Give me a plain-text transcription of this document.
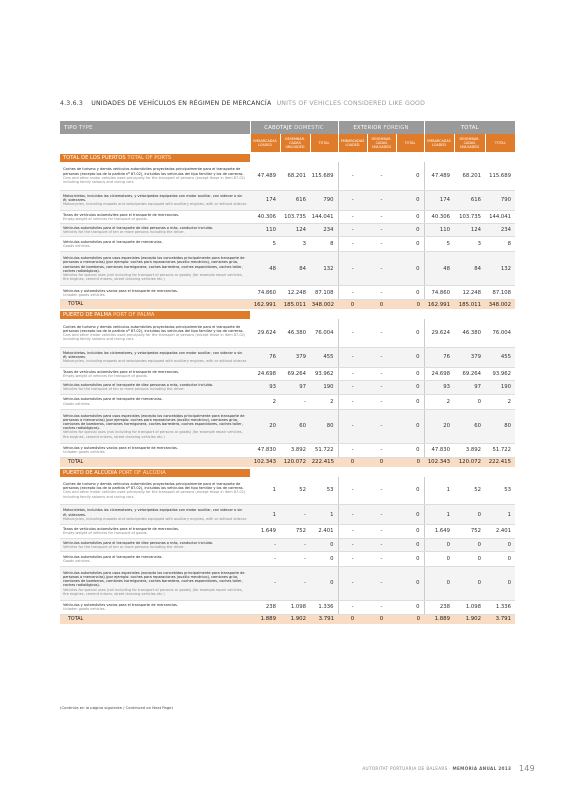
4.3.6.3 UNIDADES DE VEHÍCULOS EN RÉGIMEN DE MERCANCÍA UNITS OF VEHICLES CONSIDERED LIKE GOOD
TIPO TYPE	CABOTAJE DOMESTIC			EXTERIOR FOREIGN			TOTAL		
	EMBARCADAS LOADED	DESEMBAR-CADAS UNLOADED	TOTAL	EMBARCADAS LOADED	DESEMBAR-CADAS UNLOADED	TOTAL	EMBARCADAS LOADED	DESEMBAR-CADAS UNLOADED	TOTAL

TOTAL DE LOS PUERTOS TOTAL OF PORTS									
Coches de turismo y demás vehículos automóviles proyectados principalmente para el transporte de personas (excepto los de la partida nº 87.02), incluidos los vehículos del tipo familiar y los de carreras.
Cars and other motor vehicles used principally for the transport of persons (except those in item 87.02) including family saloons and racing cars.	47.489	68.201	115.689	-	-	0	47.489	68.201	115.689
Motocicletas, incluidos los ciclomotores, y velocípedos equipados con motor auxiliar, con sidecar o sin él; sidecares.
Motorcycles, including mopeds and velocipedes equipped with auxiliary engines, with or without sidecar.	174	616	790	-	-	0	174	616	790
Tanos de vehículos automóviles para el transporte de mercancías.
Empty-weight of vehicles for transport of goods.	40.306	103.735	144.041	-	-	0	40.306	103.735	144.041
Vehículos automóviles para el transporte de diez personas o más, conductor incluido.
Vehicles for the transport of ten or more persons including the driver.	110	124	234	-	-	0	110	124	234
Vehículos automóviles para el transporte de mercancías.
Goods vehicles.	5	3	8	-	-	0	5	3	8
Vehículos automóviles para usos especiales (excepto los concebidos principalmente para transporte de personas o mercancías) (por ejemplo: coches para reparaciones (auxilio mecánico), camiones grúa, camiones de bomberos, camiones hormigonera, coches barredera, coches esparcidores, coches taller, coches radiológicos).
Vehicles for special uses (not including for transport of persons or goods) (for example repair vehicles, fire engines, cement mixers, street cleaning vehicles etc.)	48	84	132	-	-	0	48	84	132
Vehículos y automóviles vacíos para el transporte de mercancías.
Unladen goods vehicles.	74.860	12.248	87.108	-	-	0	74.860	12.248	87.108
TOTAL	162.991	185.011	348.002	0	0	0	162.991	185.011	348.002

PUERTO DE PALMA PORT OF PALMA									
Coches de turismo y demás vehículos automóviles proyectados principalmente para el transporte de personas (excepto los de la partida nº 87.02), incluidos los vehículos del tipo familiar y los de carreras.
Cars and other motor vehicles used principally for the transport of persons (except those in item 87.02) including family saloons and racing cars.	29.624	46.380	76.004	-	-	0	29.624	46.380	76.004
Motocicletas, incluidos los ciclomotores, y velocípedos equipados con motor auxiliar, con sidecar o sin él; sidecares.
Motorcycles, including mopeds and velocipedes equipped with auxiliary engines, with or without sidecar.	76	379	455	-	-	0	76	379	455
Tanos de vehículos automóviles para el transporte de mercancías.
Empty-weight of vehicles for transport of goods.	24.698	69.264	93.962	-	-	0	24.698	69.264	93.962
Vehículos automóviles para el transporte de diez personas o más, conductor incluido.
Vehicles for the transport of ten or more persons including the driver.	93	97	190	-	-	0	93	97	190
Vehículos automóviles para el transporte de mercancías.
Goods vehicles.	2	-	2	-	-	0	2	0	2
Vehículos automóviles para usos especiales (excepto los concebidos principalmente para transporte de personas o mercancías) (por ejemplo: coches para reparaciones (auxilio mecánico), camiones grúa, camiones de bomberos, camiones hormigonera, coches barredera, coches esparcidores, coches taller, coches radiológicos).
Vehicles for special uses (not including for transport of persons or goods) (for example repair vehicles, fire engines, cement mixers, street cleaning vehicles etc.)	20	60	80	-	-	0	20	60	80
Vehículos y automóviles vacíos para el transporte de mercancías.
Unladen goods vehicles.	47.830	3.892	51.722	-	-	0	47.830	3.892	51.722
TOTAL	102.343	120.072	222.415	0	0	0	102.343	120.072	222.415

PUERTO DE ALCÚDIA PORT OF ALCÚDIA									
Coches de turismo y demás vehículos automóviles proyectados principalmente para el transporte de personas (excepto los de la partida nº 87.02), incluidos los vehículos del tipo familiar y los de carreras.
Cars and other motor vehicles used principally for the transport of persons (except those in item 87.02) including family saloons and racing cars.	1	52	53	-	-	0	1	52	53
Motocicletas, incluidos los ciclomotores, y velocípedos equipados con motor auxiliar, con sidecar o sin él; sidecares.
Motorcycles, including mopeds and velocipedes equipped with auxiliary engines, with or without sidecar.	1	-	1	-	-	0	1	0	1
Tanos de vehículos automóviles para el transporte de mercancías.
Empty-weight of vehicles for transport of goods.	1.649	752	2.401	-	-	0	1.649	752	2.401
Vehículos automóviles para el transporte de diez personas o más, conductor incluido.
Vehicles for the transport of ten or more persons including the driver.	-	-	0	-	-	0	0	0	0
Vehículos automóviles para el transporte de mercancías.
Goods vehicles.	-	-	0	-	-	0	0	0	0
Vehículos automóviles para usos especiales (excepto los concebidos principalmente para transporte de personas o mercancías) (por ejemplo: coches para reparaciones (auxilio mecánico), camiones grúa, camiones de bomberos, camiones hormigonera, coches barredera, coches esparcidores, coches taller, coches radiológicos).
Vehicles for special uses (not including for transport of persons or goods) (for example repair vehicles, fire engines, cement mixers, street cleaning vehicles etc.)	-	-	0	-	-	0	0	0	0
Vehículos y automóviles vacíos para el transporte de mercancías.
Unladen goods vehicles.	238	1.098	1.336	-	-	0	238	1.098	1.336
TOTAL	1.889	1.902	3.791	0	0	0	1.889	1.902	3.791
(Continúa en la página siguiente / Continued on Next Page)
AUTORITAT PORTUÀRIA DE BALEARS · MEMÒRIA ANUAL 2013 149
